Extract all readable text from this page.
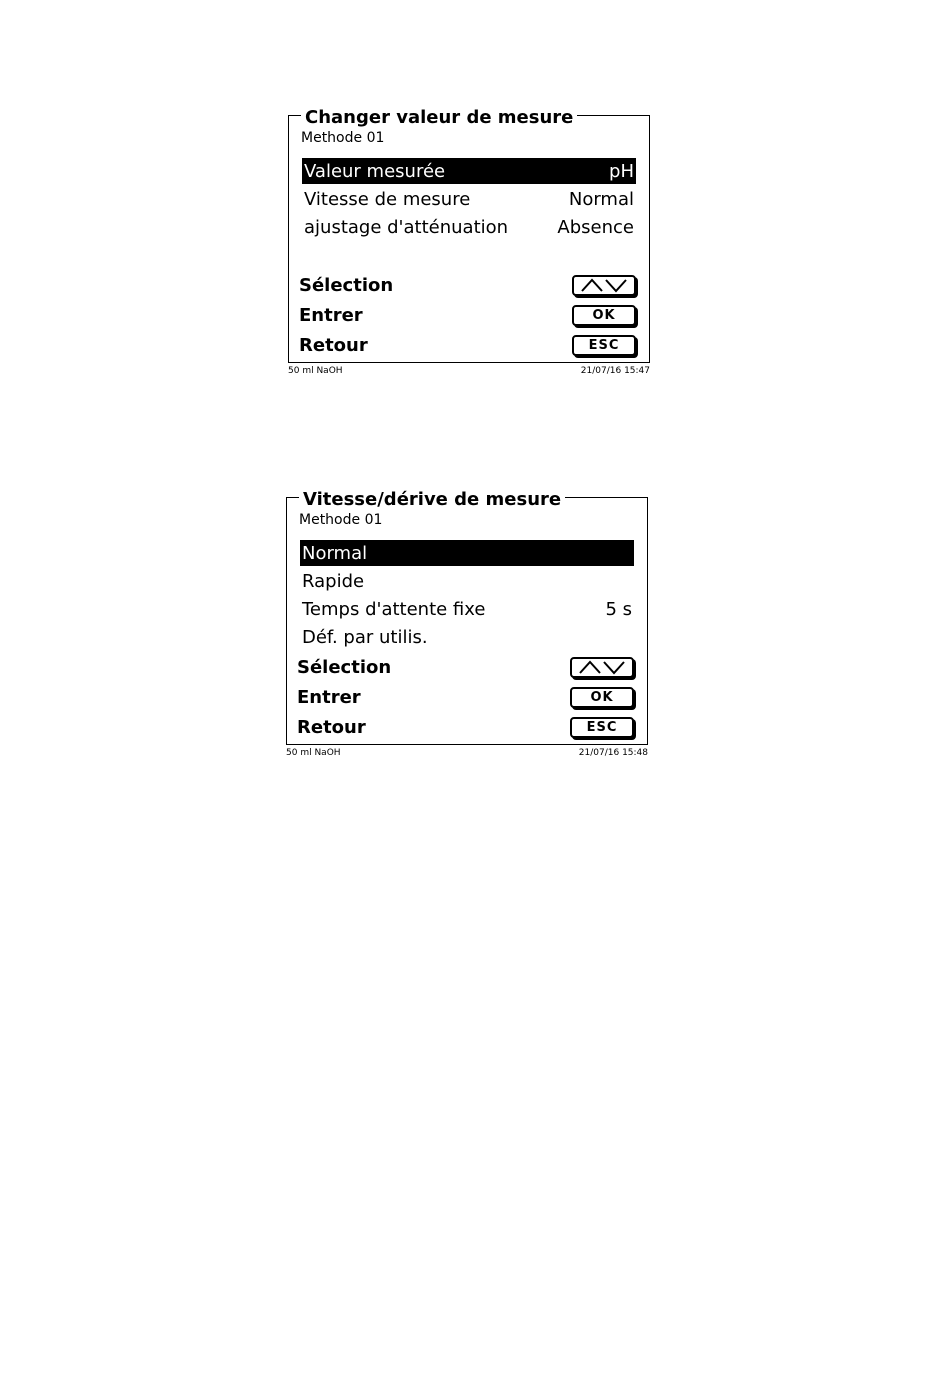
Changer valeur de mesure
Methode 01
Valeur mesurée	pH
Vitesse de mesure	Normal
ajustage d'atténuation	Absence
Sélection
Entrer	OK
Retour	ESC
50 ml NaOH	21/07/16 15:47
Vitesse/dérive de mesure
Methode 01
Normal
Rapide
Temps d'attente fixe	5 s
Déf. par utilis.
Sélection
Entrer	OK
Retour	ESC
50 ml NaOH	21/07/16 15:48
